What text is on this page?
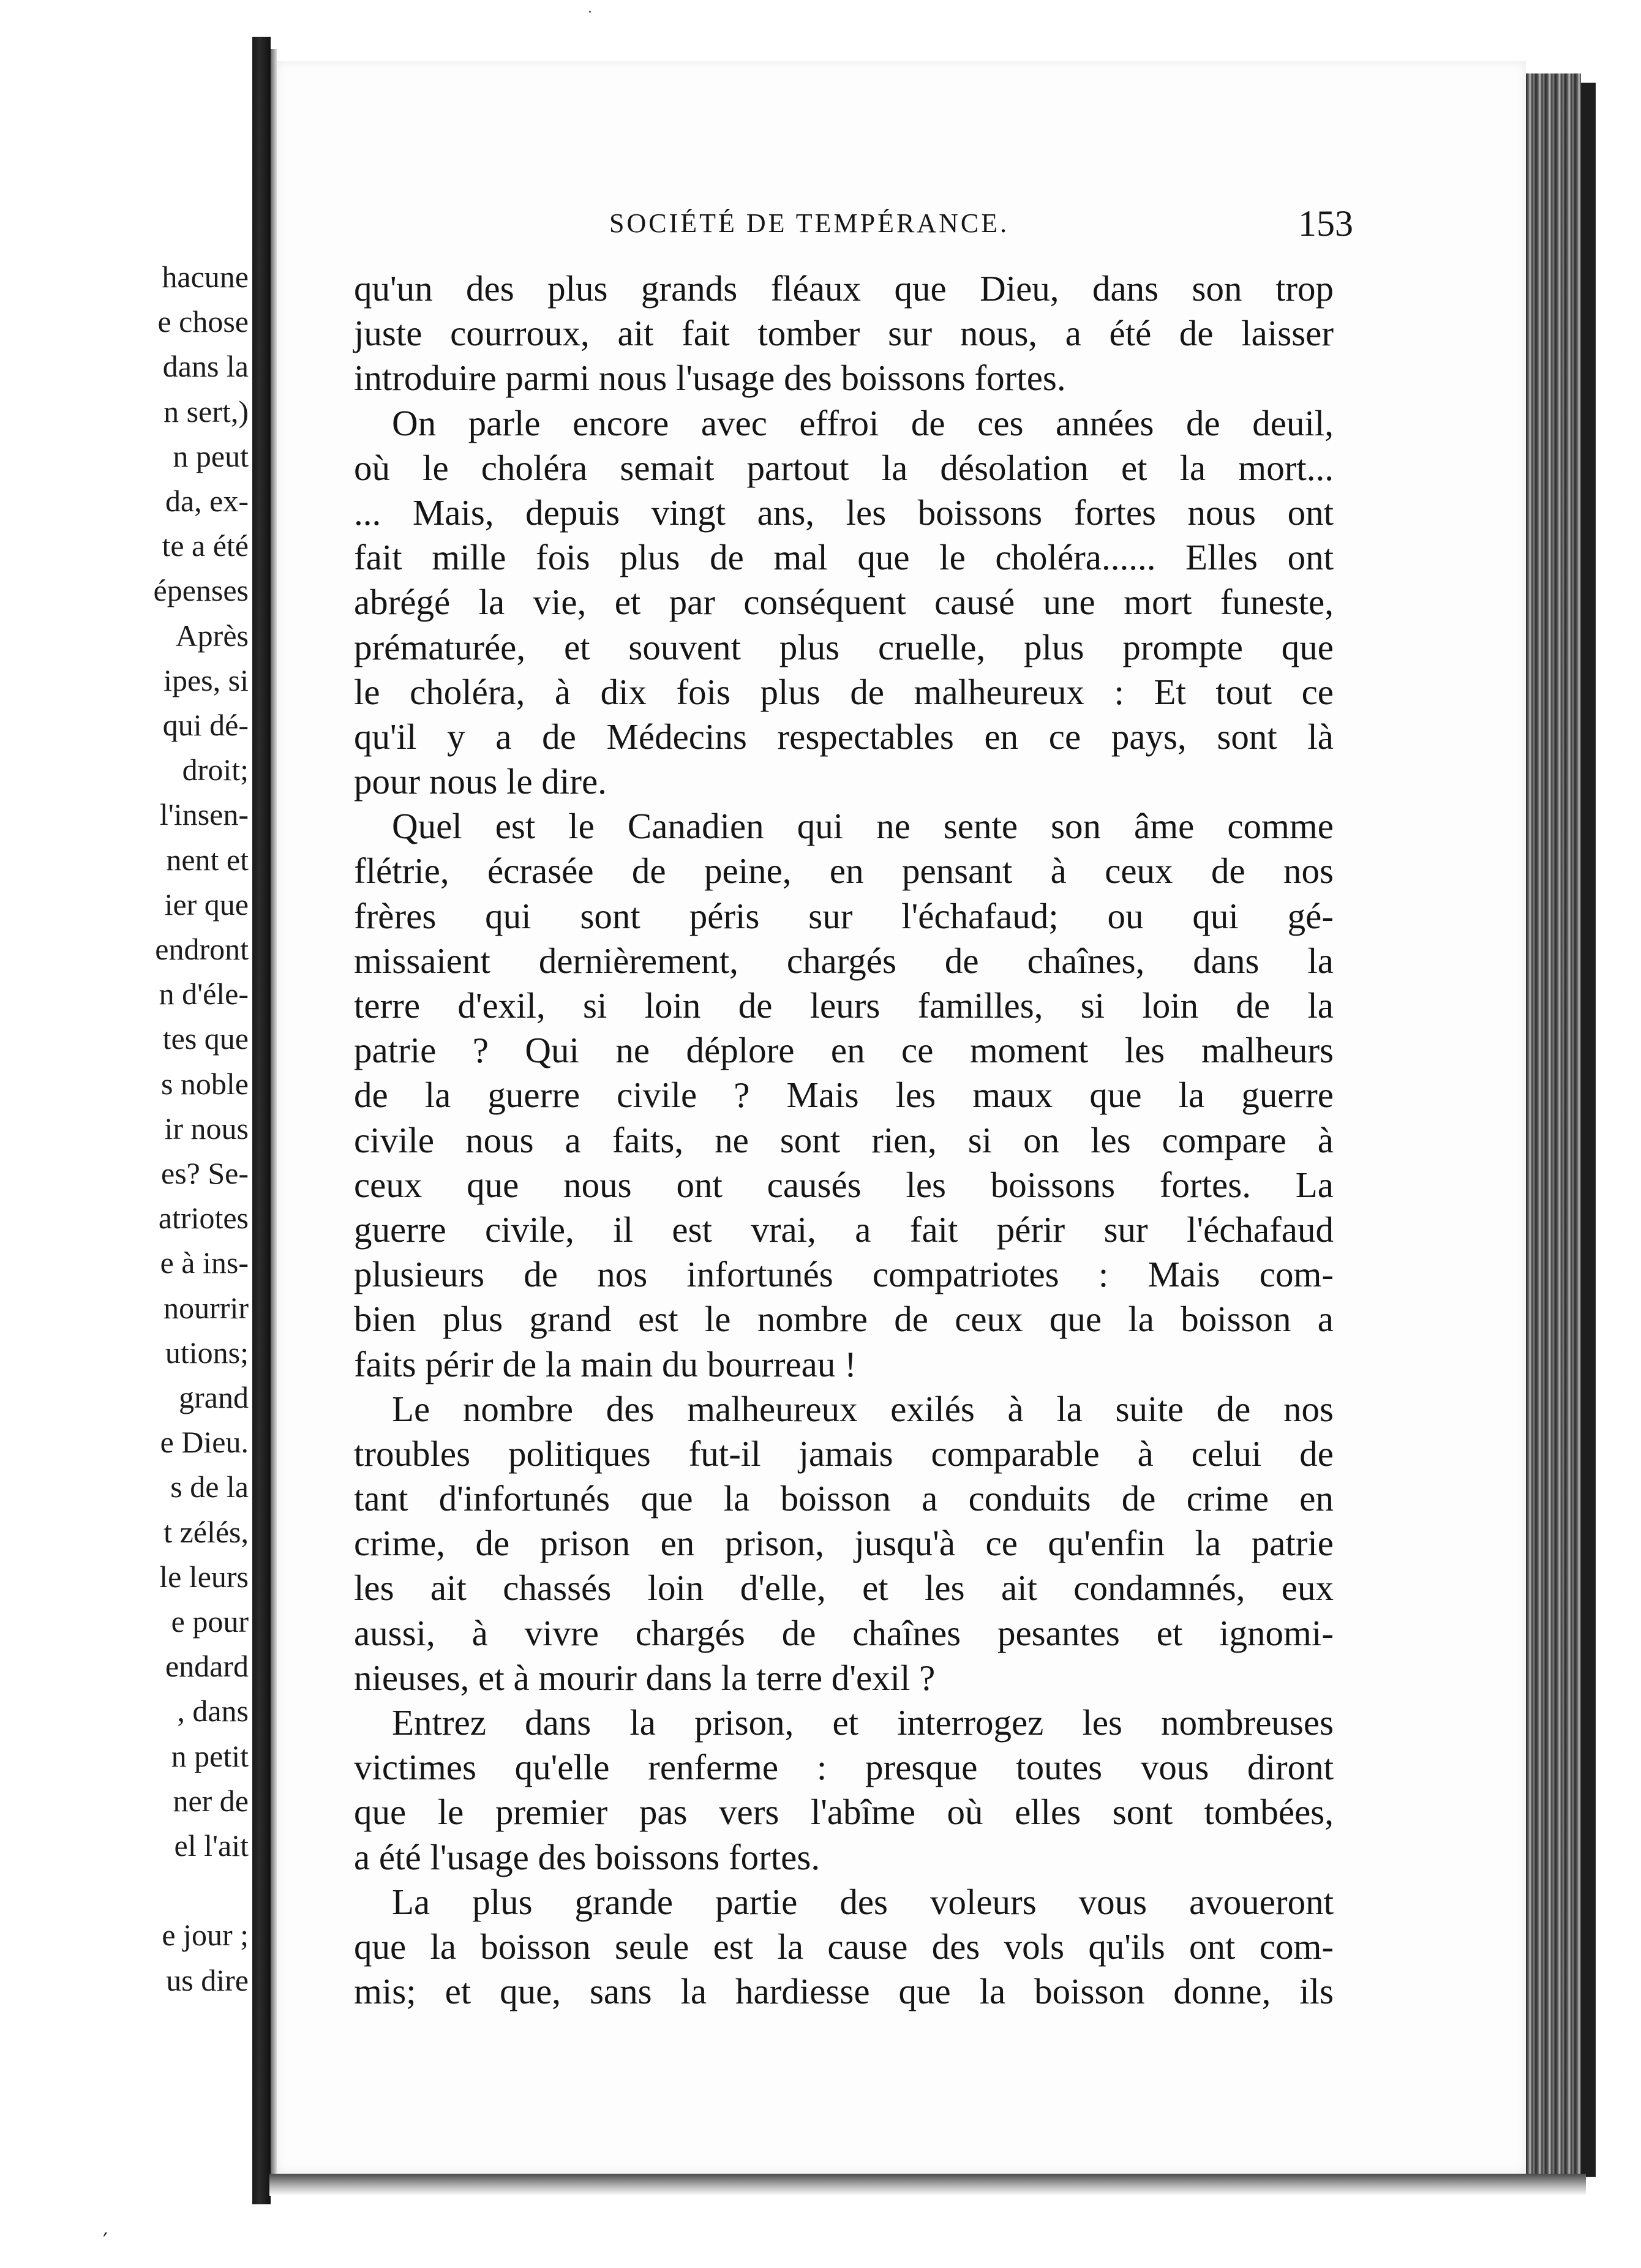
hacune
e chose
dans la
n sert,)
n peut
da, ex-
te a été
épenses
Après
ipes, si
qui dé-
droit;
l'insen-
nent et
ier que
endront
n d'éle-
tes que
s noble
ir nous
es? Se-
atriotes
e à ins-
nourrir
utions;
grand
e Dieu.
s de la
t zélés,
le leurs
e pour
endard
, dans
n petit
ner de
el l'ait
e jour ;
us dire
SOCIÉTÉ DE TEMPÉRANCE.	153
qu'un des plus grands fléaux que Dieu, dans son trop
juste courroux, ait fait tomber sur nous, a été de laisser
introduire parmi nous l'usage des boissons fortes.
On parle encore avec effroi de ces années de deuil,
où le choléra semait partout la désolation et la mort...
... Mais, depuis vingt ans, les boissons fortes nous ont
fait mille fois plus de mal que le choléra...... Elles ont
abrégé la vie, et par conséquent causé une mort funeste,
prématurée, et souvent plus cruelle, plus prompte que
le choléra, à dix fois plus de malheureux : Et tout ce
qu'il y a de Médecins respectables en ce pays, sont là
pour nous le dire.
Quel est le Canadien qui ne sente son âme comme
flétrie, écrasée de peine, en pensant à ceux de nos
frères qui sont péris sur l'échafaud; ou qui gé-
missaient dernièrement, chargés de chaînes, dans la
terre d'exil, si loin de leurs familles, si loin de la
patrie ? Qui ne déplore en ce moment les malheurs
de la guerre civile ? Mais les maux que la guerre
civile nous a faits, ne sont rien, si on les compare à
ceux que nous ont causés les boissons fortes. La
guerre civile, il est vrai, a fait périr sur l'échafaud
plusieurs de nos infortunés compatriotes : Mais com-
bien plus grand est le nombre de ceux que la boisson a
faits périr de la main du bourreau !
Le nombre des malheureux exilés à la suite de nos
troubles politiques fut-il jamais comparable à celui de
tant d'infortunés que la boisson a conduits de crime en
crime, de prison en prison, jusqu'à ce qu'enfin la patrie
les ait chassés loin d'elle, et les ait condamnés, eux
aussi, à vivre chargés de chaînes pesantes et ignomi-
nieuses, et à mourir dans la terre d'exil ?
Entrez dans la prison, et interrogez les nombreuses
victimes qu'elle renferme : presque toutes vous diront
que le premier pas vers l'abîme où elles sont tombées,
a été l'usage des boissons fortes.
La plus grande partie des voleurs vous avoueront
que la boisson seule est la cause des vols qu'ils ont com-
mis; et que, sans la hardiesse que la boisson donne, ils
·
′
